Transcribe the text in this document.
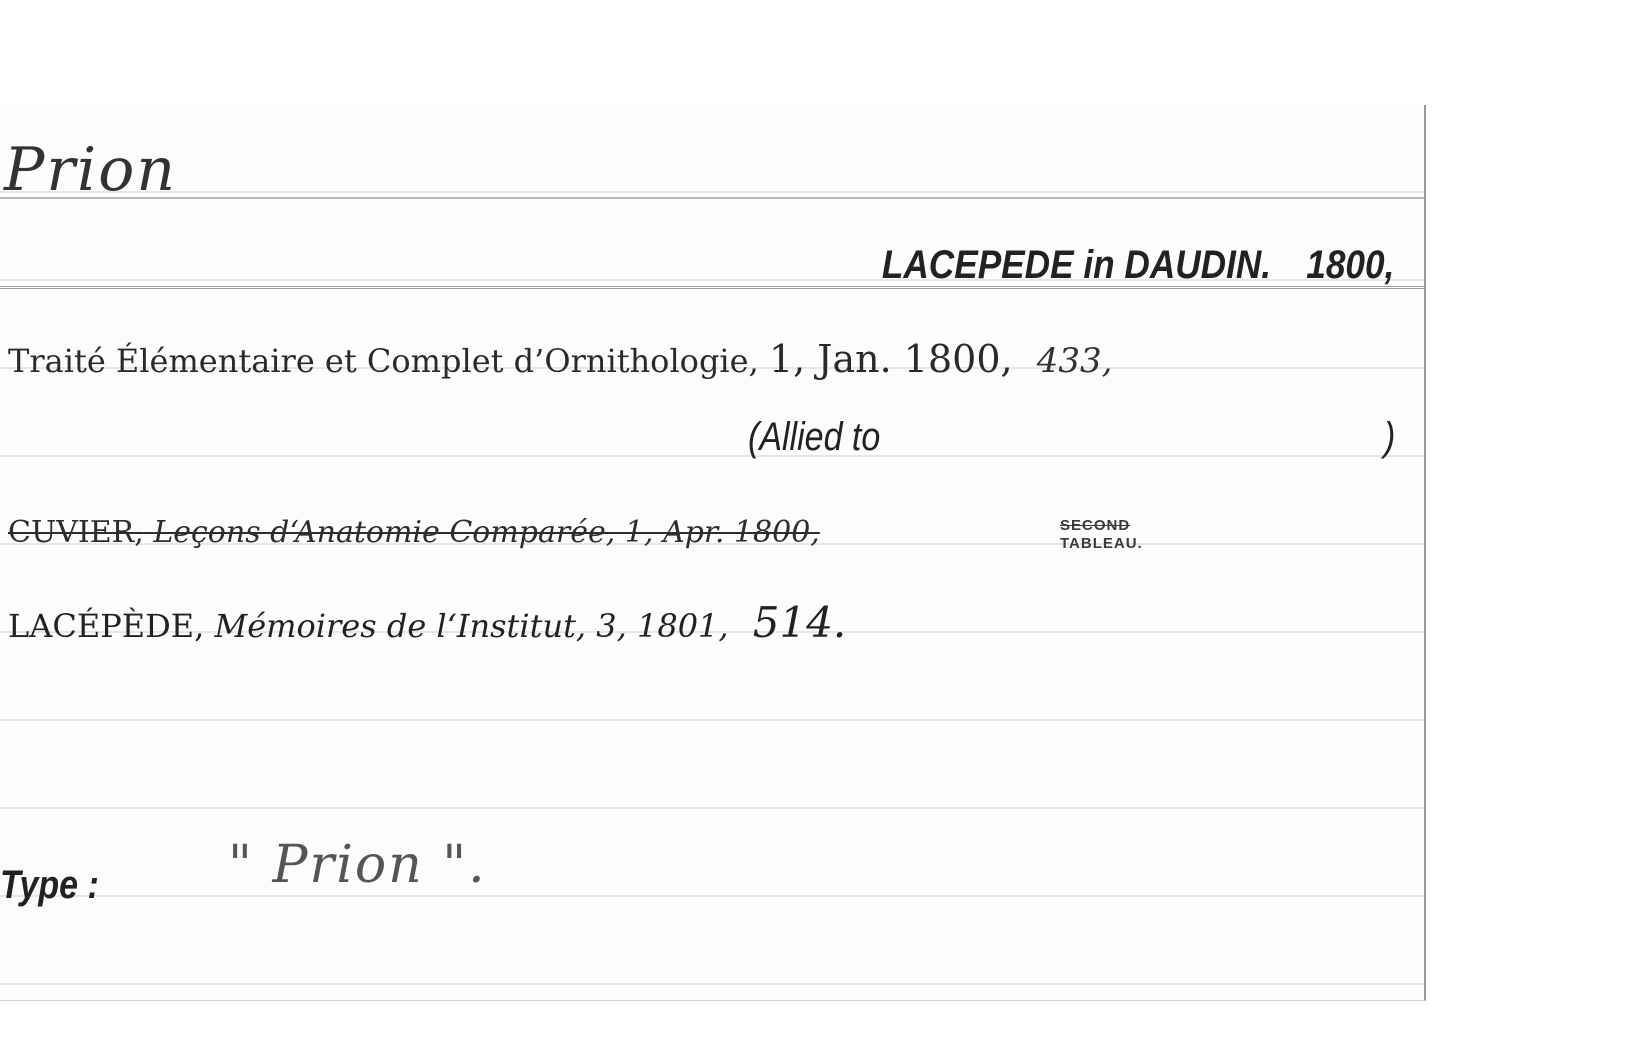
Prion
LACEPEDE in DAUDIN. 1800,
Traité Élémentaire et Complet d’Ornithologie, 1, Jan. 1800, 433,
(Allied to	)
CUVIER, Leçons d‘Anatomie Comparée, 1, Apr. 1800,	SECOND
TABLEAU.
LACÉPÈDE, Mémoires de l‘Institut, 3, 1801, 514.
Type : " Prion ".
